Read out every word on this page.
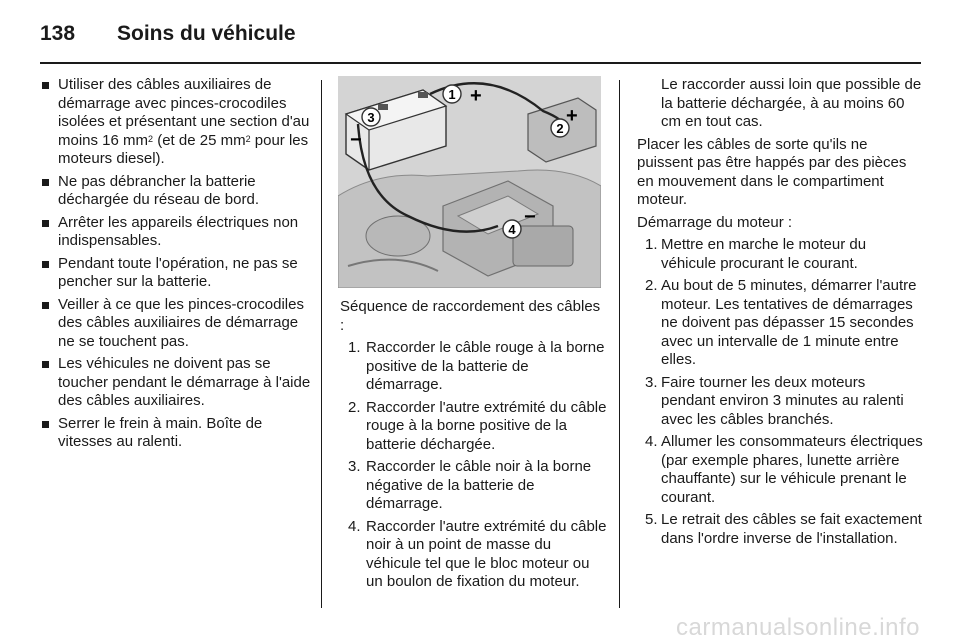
138 Soins du véhicule
Utiliser des câbles auxiliaires de démarrage avec pinces-crocodiles isolées et présentant une section d'au moins 16 $mm^2$ (et de 25 $mm^2$ pour les moteurs diesel).
Ne pas débrancher la batterie déchargée du réseau de bord.
Arrêter les appareils électriques non indispensables.
Pendant toute l'opération, ne pas se pencher sur la batterie.
Veiller à ce que les pinces-crocodiles des câbles auxiliaires de démarrage ne se touchent pas.
Les véhicules ne doivent pas se toucher pendant le démarrage à l'aide des câbles auxiliaires.
Serrer le frein à main. Boîte de vitesses au ralenti.
1 +
2
+
3
−
4
−

Séquence de raccordement des câbles :

1. Raccorder le câble rouge à la borne positive de la batterie de démarrage.
2. Raccorder l'autre extrémité du câble rouge à la borne positive de la batterie déchargée.
3. Raccorder le câble noir à la borne négative de la batterie de démarrage.
4. Raccorder l'autre extrémité du câble noir à un point de masse du véhicule tel que le bloc moteur ou un boulon de fixation du moteur.

Le raccorder aussi loin que possible de la batterie déchargée, à au moins 60 cm en tout cas.

Placer les câbles de sorte qu'ils ne puissent pas être happés par des pièces en mouvement dans le compartiment moteur.

Démarrage du moteur :

1. Mettre en marche le moteur du véhicule procurant le courant.
2. Au bout de 5 minutes, démarrer l'autre moteur. Les tentatives de démarrages ne doivent pas dépasser 15 secondes avec un intervalle de 1 minute entre elles.
3. Faire tourner les deux moteurs pendant environ 3 minutes au ralenti avec les câbles branchés.
4. Allumer les consommateurs électriques (par exemple phares, lunette arrière chauffante) sur le véhicule prenant le courant.
5. Le retrait des câbles se fait exactement dans l'ordre inverse de l'installation.
carmanualsonline.info
